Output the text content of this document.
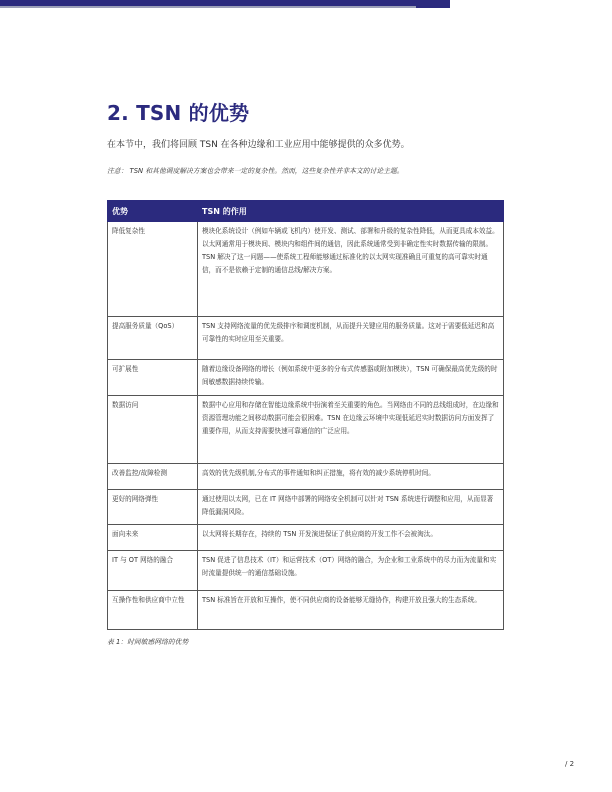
2. TSN 的优势
在本节中，我们将回顾 TSN 在各种边缘和工业应用中能够提供的众多优势。
注意： TSN 和其他调度解决方案也会带来一定的复杂性。然而，这些复杂性并非本文的讨论主题。
优势	TSN 的作用
降低复杂性	模块化系统设计（例如车辆或飞机内）使开发、测试、部署和升级的复杂性降低，从而更具成本效益。以太网通常用于模块间、模块内和组件间的通信，因此系统通常受到非确定性实时数据传输的限制。TSN 解决了这一问题——使系统工程师能够通过标准化的以太网实现准确且可重复的高可靠实时通信，而不是依赖于定制的通信总线/解决方案。
提高服务质量（QoS）	TSN 支持网络流量的优先级排序和调度机制，从而提升关键应用的服务质量。这对于需要低延迟和高可靠性的实时应用至关重要。
可扩展性	随着边缘设备网络的增长（例如系统中更多的分布式传感器或附加模块），TSN 可确保最高优先级的时间敏感数据持续传输。
数据访问	数据中心应用和存储在智能边缘系统中扮演着至关重要的角色。当网络由不同的总线组成时，在边缘和资源管理功能之间移动数据可能会很困难。TSN 在边缘云环境中实现低延迟实时数据访问方面发挥了重要作用，从而支持需要快速可靠通信的广泛应用。
改善监控/故障检测	高效的优先级机制,分布式的事件通知和纠正措施，将有效的减少系统停机时间。
更好的网络弹性	通过使用以太网，已在 IT 网络中部署的网络安全机制可以针对 TSN 系统进行调整和应用，从而显著降低漏洞风险。
面向未来	以太网将长期存在，持续的 TSN 开发演进保证了供应商的开发工作不会被淘汰。
IT 与 OT 网络的融合	TSN 促进了信息技术（IT）和运营技术（OT）网络的融合，为企业和工业系统中的尽力而为流量和实时流量提供统一的通信基础设施。
互操作性和供应商中立性	TSN 标准旨在开放和互操作，使不同供应商的设备能够无缝协作，构建开放且强大的生态系统。
表 1：时间敏感网络的优势
/ 2
